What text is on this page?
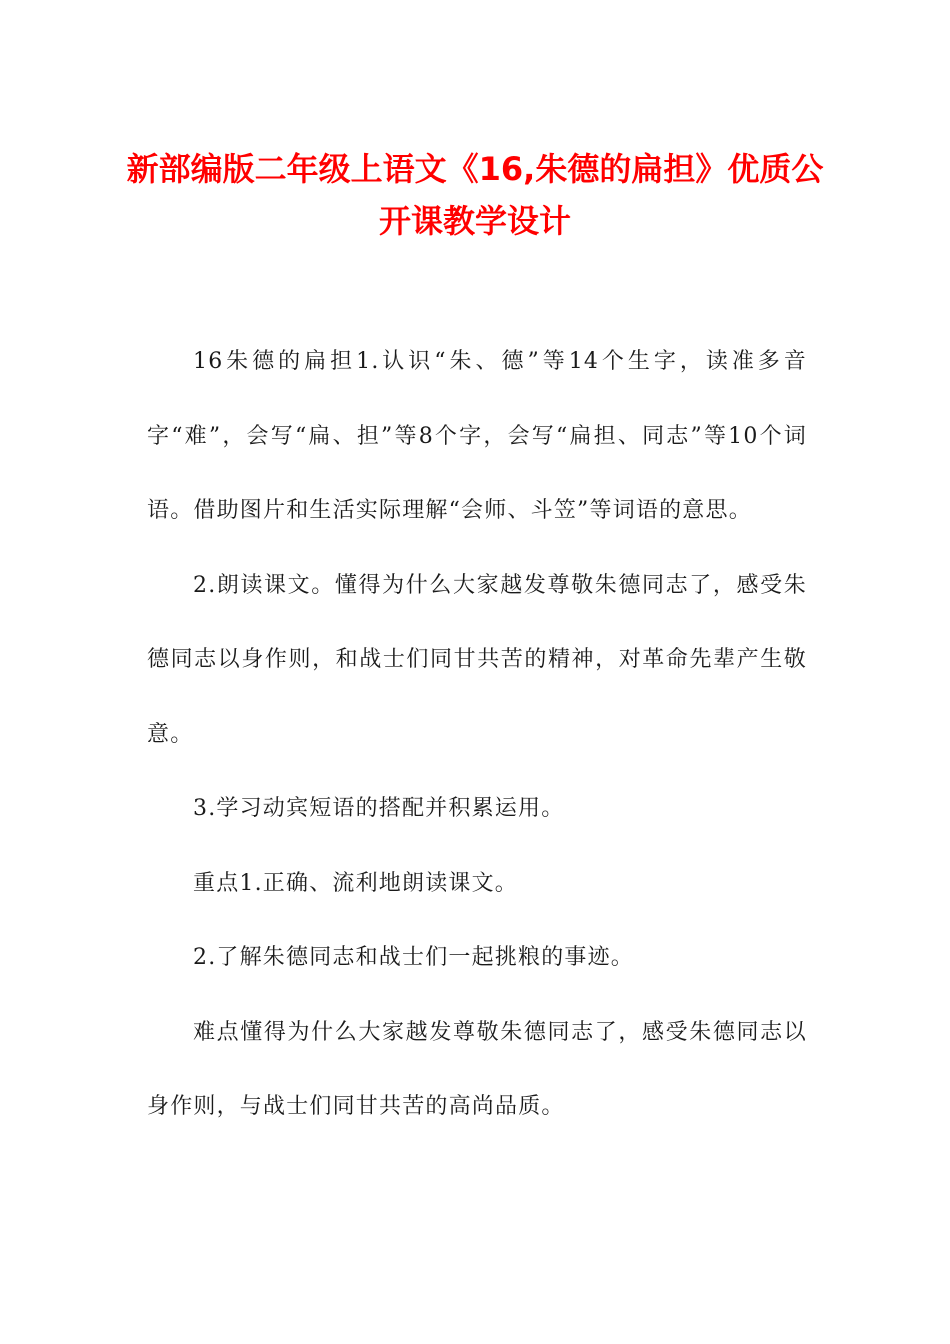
新部编版二年级上语文《16,朱德的扁担》优质公开课教学设计

16朱德的扁担1.认识“朱、德”等14个生字，读准多音字“难”，会写“扁、担”等8个字，会写“扁担、同志”等10个词语。借助图片和生活实际理解“会师、斗笠”等词语的意思。

2.朗读课文。懂得为什么大家越发尊敬朱德同志了，感受朱德同志以身作则，和战士们同甘共苦的精神，对革命先辈产生敬意。

3.学习动宾短语的搭配并积累运用。

重点1.正确、流利地朗读课文。

2.了解朱德同志和战士们一起挑粮的事迹。

难点懂得为什么大家越发尊敬朱德同志了，感受朱德同志以身作则，与战士们同甘共苦的高尚品质。
